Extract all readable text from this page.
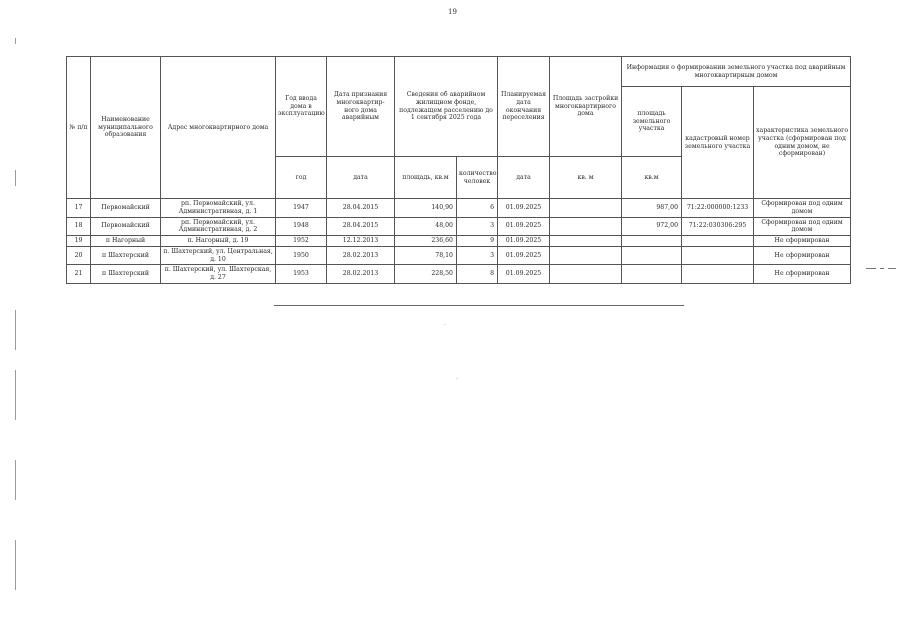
19
№ п/п	Наименование муниципального образования	Адрес многоквартирного дома	Год ввода дома в эксплуатацию	Дата признания многоквартир-ного дома аварийным	Сведения об аварийном жилищном фонде, подлежащем расселению до 1 сентября 2025 года		Планируемая дата окончания переселения	Площадь застройки многоквартирного дома	Информация о формировании земельного участка под аварийным многоквартирным домом		
									площадь земельного участка	кадастровый номер земельного участка	характеристика земельного участка (сформирован под одним домом, не сформирован)
			год	дата	площадь, кв.м	количество человек	дата	кв. м	кв.м		
17	Первомайский	рп. Первомайский, ул. Административная, д. 1	1947	28.04.2015	140,90	6	01.09.2025		987,00	71:22:000000:1233	Сформирован под одним домом
18	Первомайский	рп. Первомайский, ул. Административная, д. 2	1948	28.04.2015	48,00	3	01.09.2025		972,00	71:22:030306:295	Сформирован под одним домом
19	п Нагорный	п. Нагорный, д. 19	1952	12.12.2013	236,60	9	01.09.2025				Не сформирован
20	п Шахтерский	п. Шахтерский, ул. Центральная, д. 10	1950	28.02.2013	78,10	3	01.09.2025				Не сформирован
21	п Шахтерский	п. Шахтерский, ул. Шахтерская, д. 27	1953	28.02.2013	228,50	8	01.09.2025				Не сформирован
·
·
